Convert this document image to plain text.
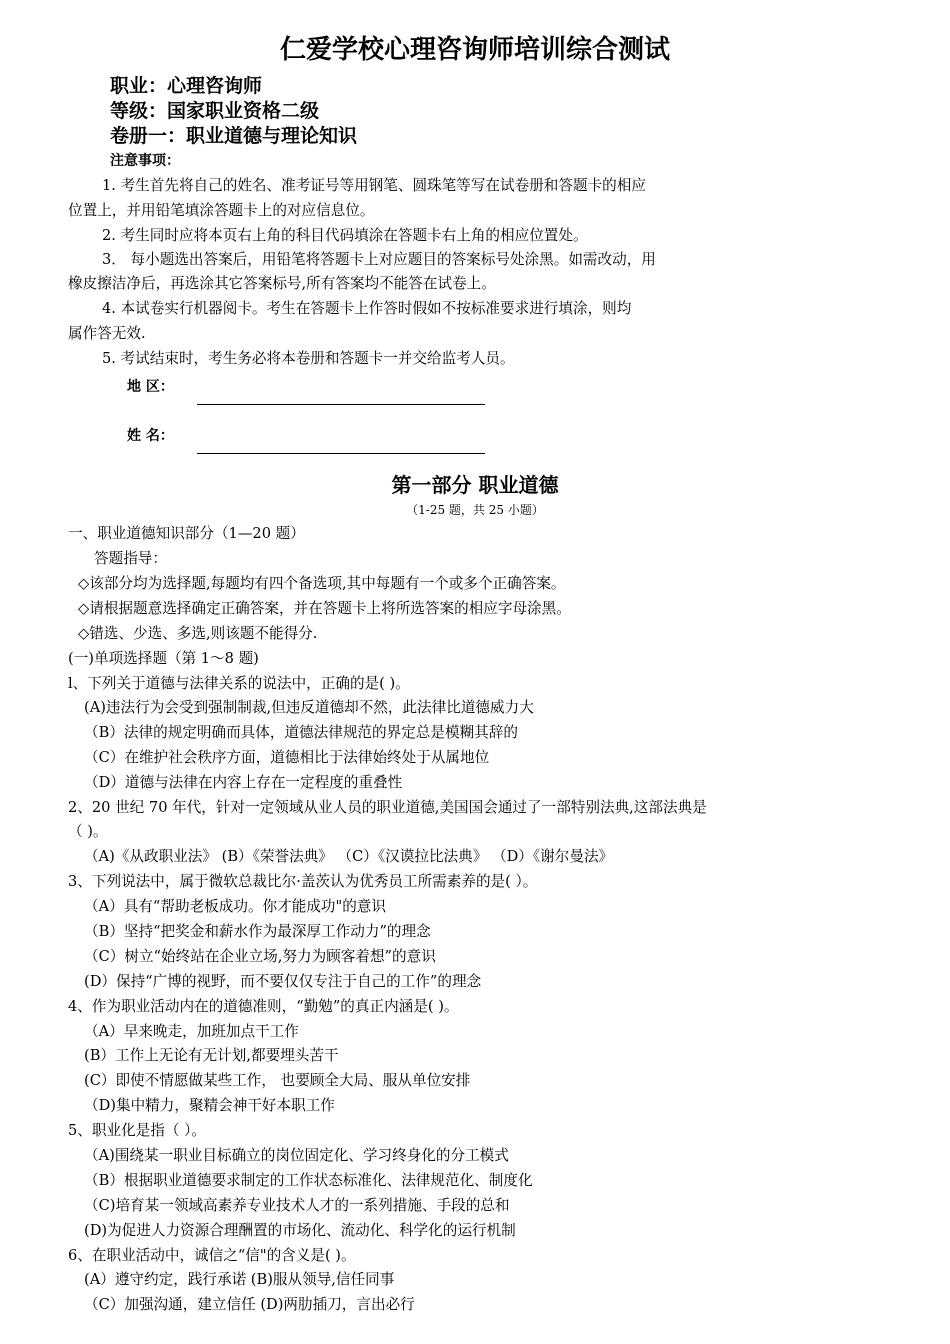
仁爱学校心理咨询师培训综合测试
职业：心理咨询师
等级：国家职业资格二级
卷册一：职业道德与理论知识
注意事项：
1. 考生首先将自己的姓名、准考证号等用钢笔、圆珠笔等写在试卷册和答题卡的相应
位置上，并用铅笔填涂答题卡上的对应信息位。
2. 考生同时应将本页右上角的科目代码填涂在答题卡右上角的相应位置处。
3． 每小题选出答案后，用铅笔将答题卡上对应题目的答案标号处涂黑。如需改动，用
橡皮擦洁净后，再选涂其它答案标号,所有答案均不能答在试卷上。
4. 本试卷实行机器阅卡。考生在答题卡上作答时假如不按标准要求进行填涂，则均
属作答无效.
5. 考试结束时，考生务必将本卷册和答题卡一并交给监考人员。
地 区：
姓 名：
第一部分 职业道德
（1-25 题，共 25 小题）
一、职业道德知识部分（1—20 题）
答题指导：
◇该部分均为选择题,每题均有四个备选项,其中每题有一个或多个正确答案。
◇请根据题意选择确定正确答案，并在答题卡上将所选答案的相应字母涂黑。
◇错选、少选、多选,则该题不能得分.
(一)单项选择题（第 1～8 题)
l、下列关于道德与法律关系的说法中，正确的是( )。
(A)违法行为会受到强制制裁,但违反道德却不然，此法律比道德威力大
（B）法律的规定明确而具体，道德法律规范的界定总是模糊其辞的
（C）在维护社会秩序方面，道德相比于法律始终处于从属地位
（D）道德与法律在内容上存在一定程度的重叠性
2、20 世纪 70 年代，针对一定领域从业人员的职业道德,美国国会通过了一部特别法典,这部法典是
（ )。
（A)《从政职业法》 (B）《荣誉法典》 （C）《汉谟拉比法典》 （D）《谢尔曼法》
3、下列说法中，属于微软总裁比尔·盖茨认为优秀员工所需素养的是( ）。
（A）具有“帮助老板成功。你才能成功"的意识
（B）坚持“把奖金和薪水作为最深厚工作动力”的理念
（C）树立“始终站在企业立场,努力为顾客着想”的意识
(D）保持“广博的视野，而不要仅仅专注于自己的工作”的理念
4、作为职业活动内在的道德准则，“勤勉”的真正内涵是( )。
（A）早来晚走，加班加点干工作
(B）工作上无论有无计划,都要埋头苦干
(C）即使不情愿做某些工作， 也要顾全大局、服从单位安排
（D)集中精力，聚精会神干好本职工作
5、职业化是指（ ）。
（A)围绕某一职业目标确立的岗位固定化、学习终身化的分工模式
（B）根据职业道德要求制定的工作状态标准化、法律规范化、制度化
（C)培育某一领域高素养专业技术人才的一系列措施、手段的总和
(D)为促进人力资源合理酬置的市场化、流动化、科学化的运行机制
6、在职业活动中，诚信之“信"的含义是( )。
(A）遵守约定，践行承诺 (B)服从领导,信任同事
（C）加强沟通，建立信任 (D)两肋插刀，言出必行
